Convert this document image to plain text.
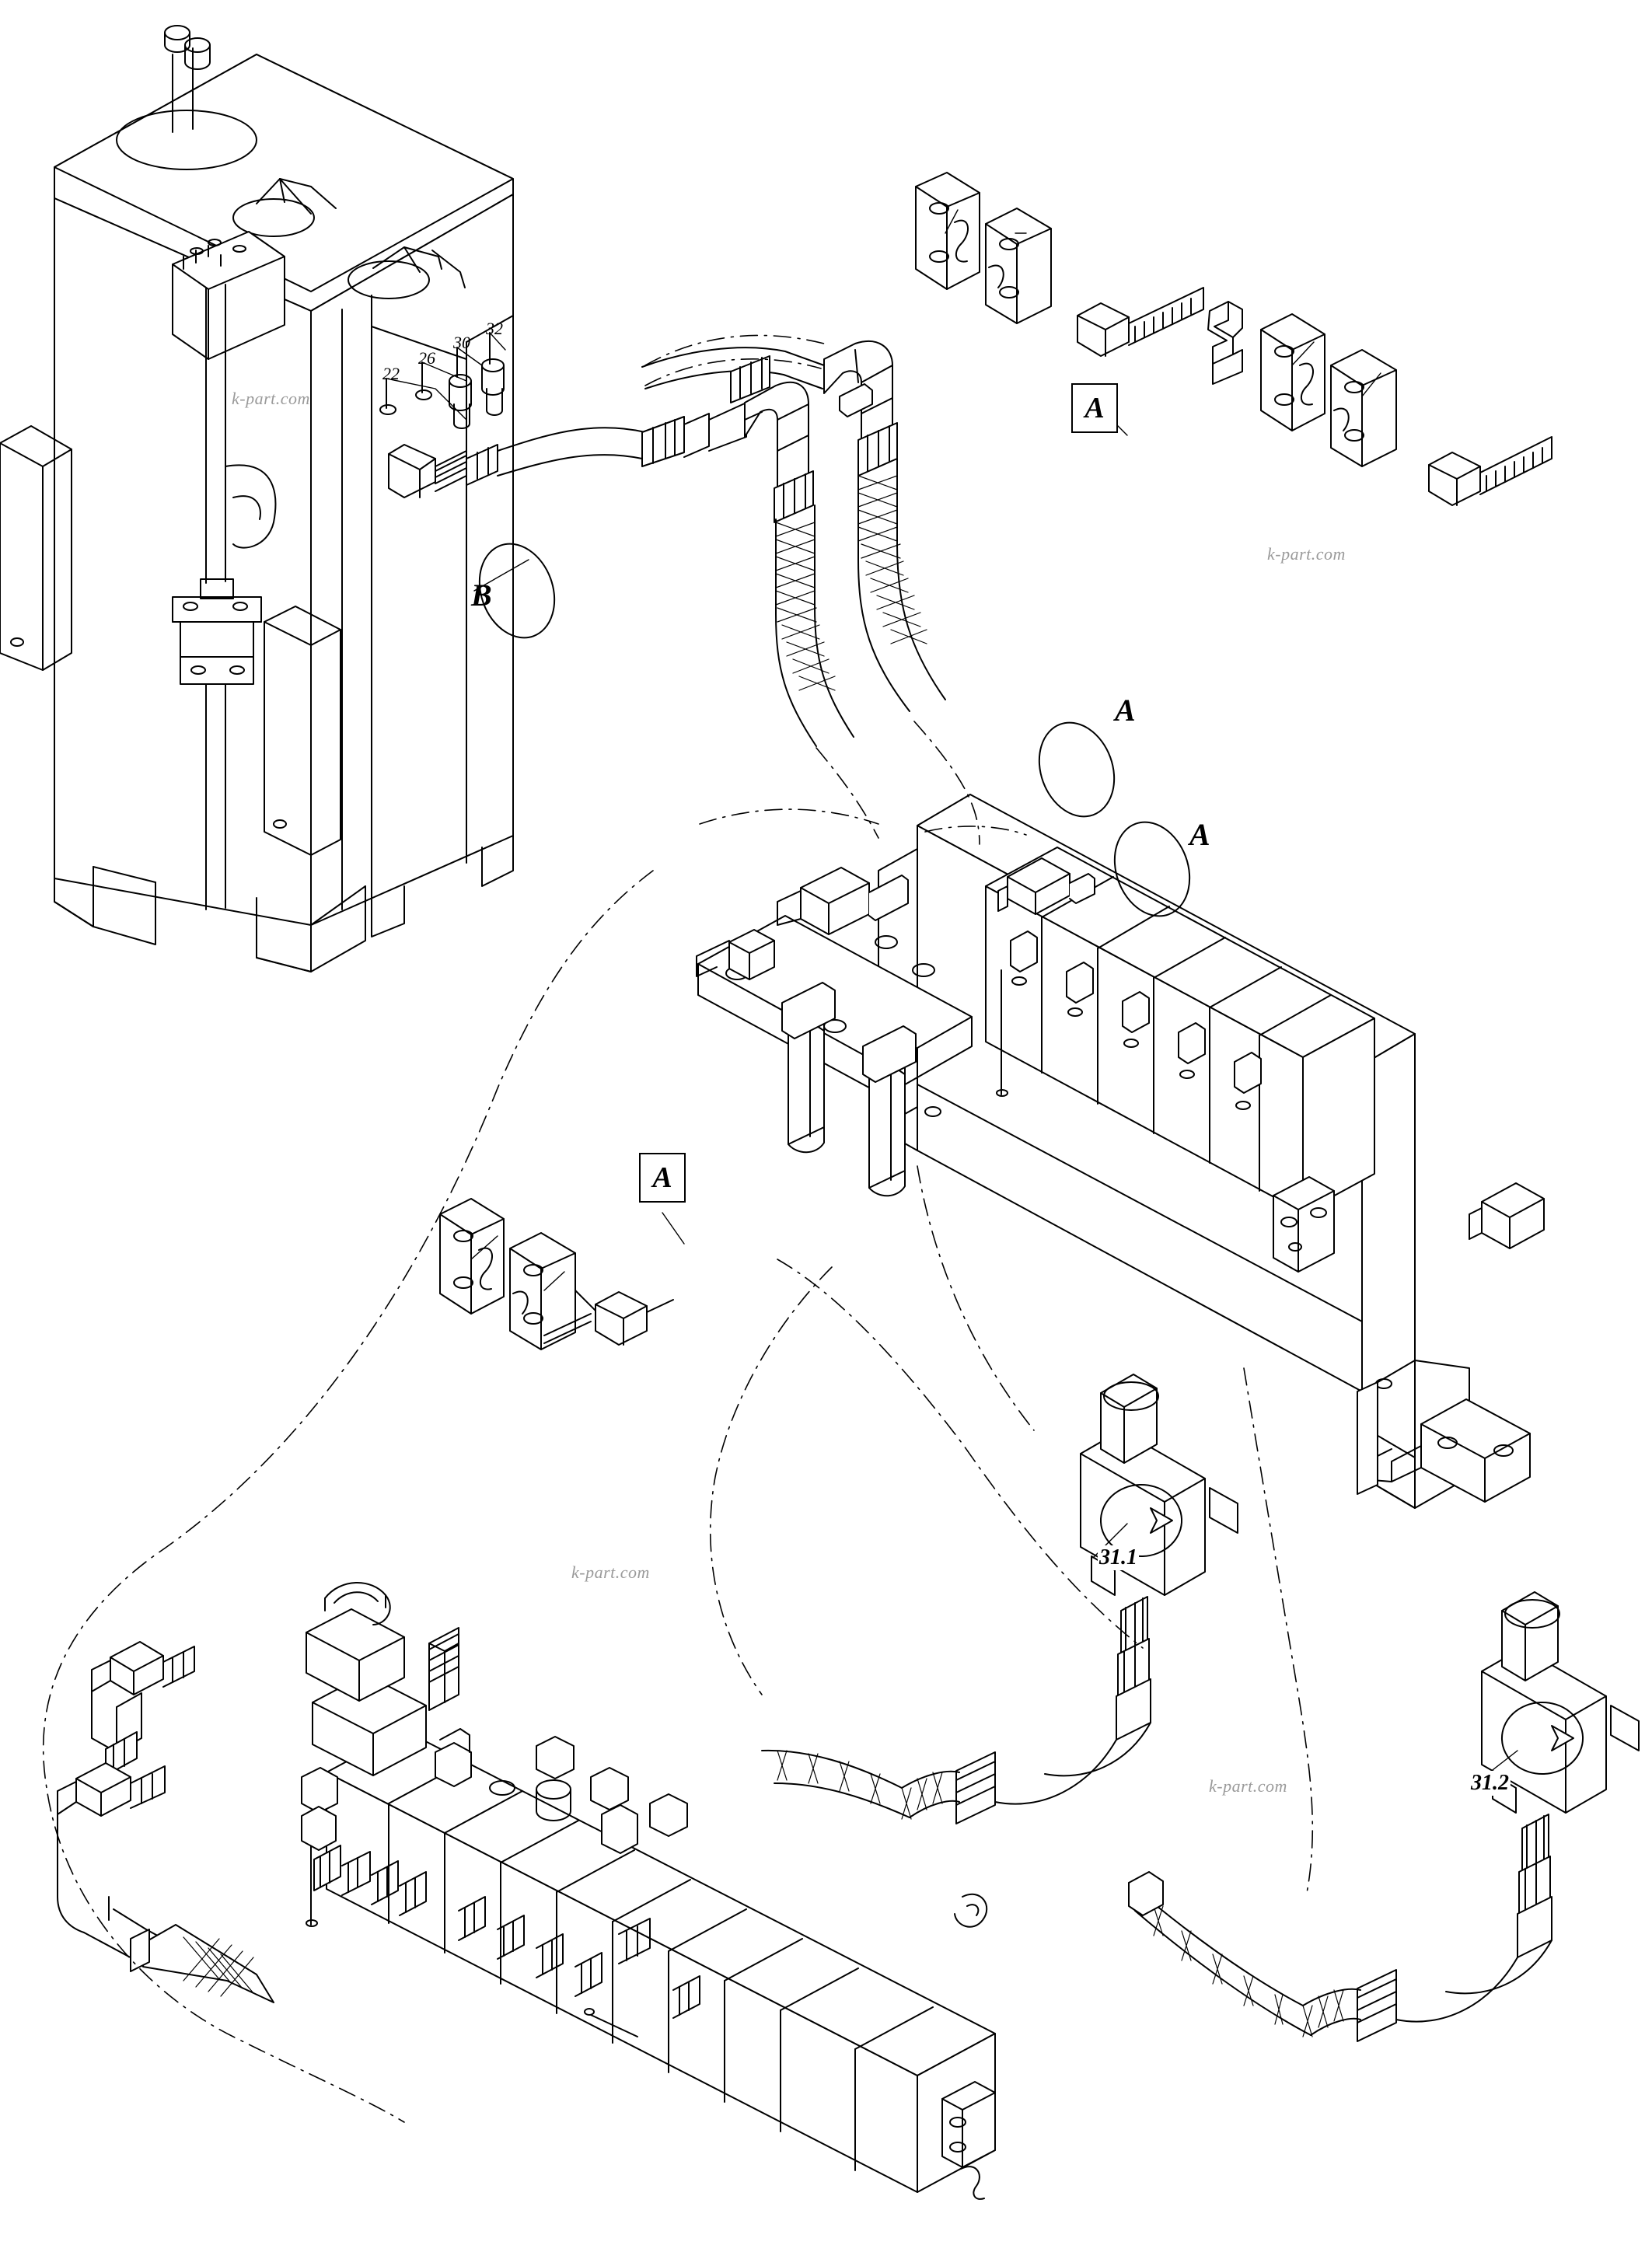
A
A
B
A
A
22
26
30
32
31.1
31.2
k-part.com
k-part.com
k-part.com
k-part.com
